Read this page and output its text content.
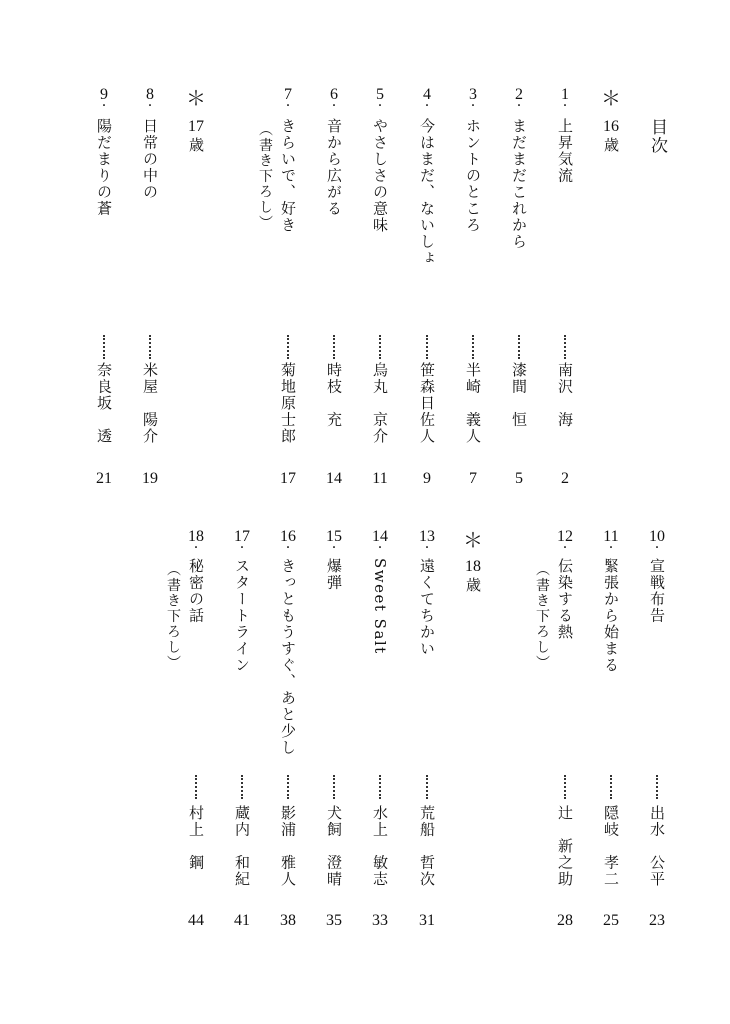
目次
＊
16
歳
1
・
上昇気流
南沢　海
2
2
・
まだまだこれから
漆間　恒
5
3
・
ホントのところ
半崎　義人
7
4
・
今はまだ、ないしょ
笹森日佐人
9
5
・
やさしさの意味
烏丸　京介
11
6
・
音から広がる
時枝　充
14
7
・
きらいで、好き
（書き下ろし）
菊地原士郎
17
＊
17
歳
8
・
日常の中の
米屋　陽介
19
9
・
陽だまりの蒼
奈良坂　透
21
10
・
宣戦布告
出水　公平
23
11
・
緊張から始まる
隠岐　孝二
25
12
・
伝染する熱
（書き下ろし）
辻　新之助
28
＊
18
歳
13
・
遠くてちかい
荒船　哲次
31
14
・
Sweet Salt
水上　敏志
33
15
・
爆弾
犬飼　澄晴
35
16
・
きっともうすぐ、あと少し
影浦　雅人
38
17
・
スタートライン
蔵内　和紀
41
18
・
秘密の話
（書き下ろし）
村上　鋼
44
